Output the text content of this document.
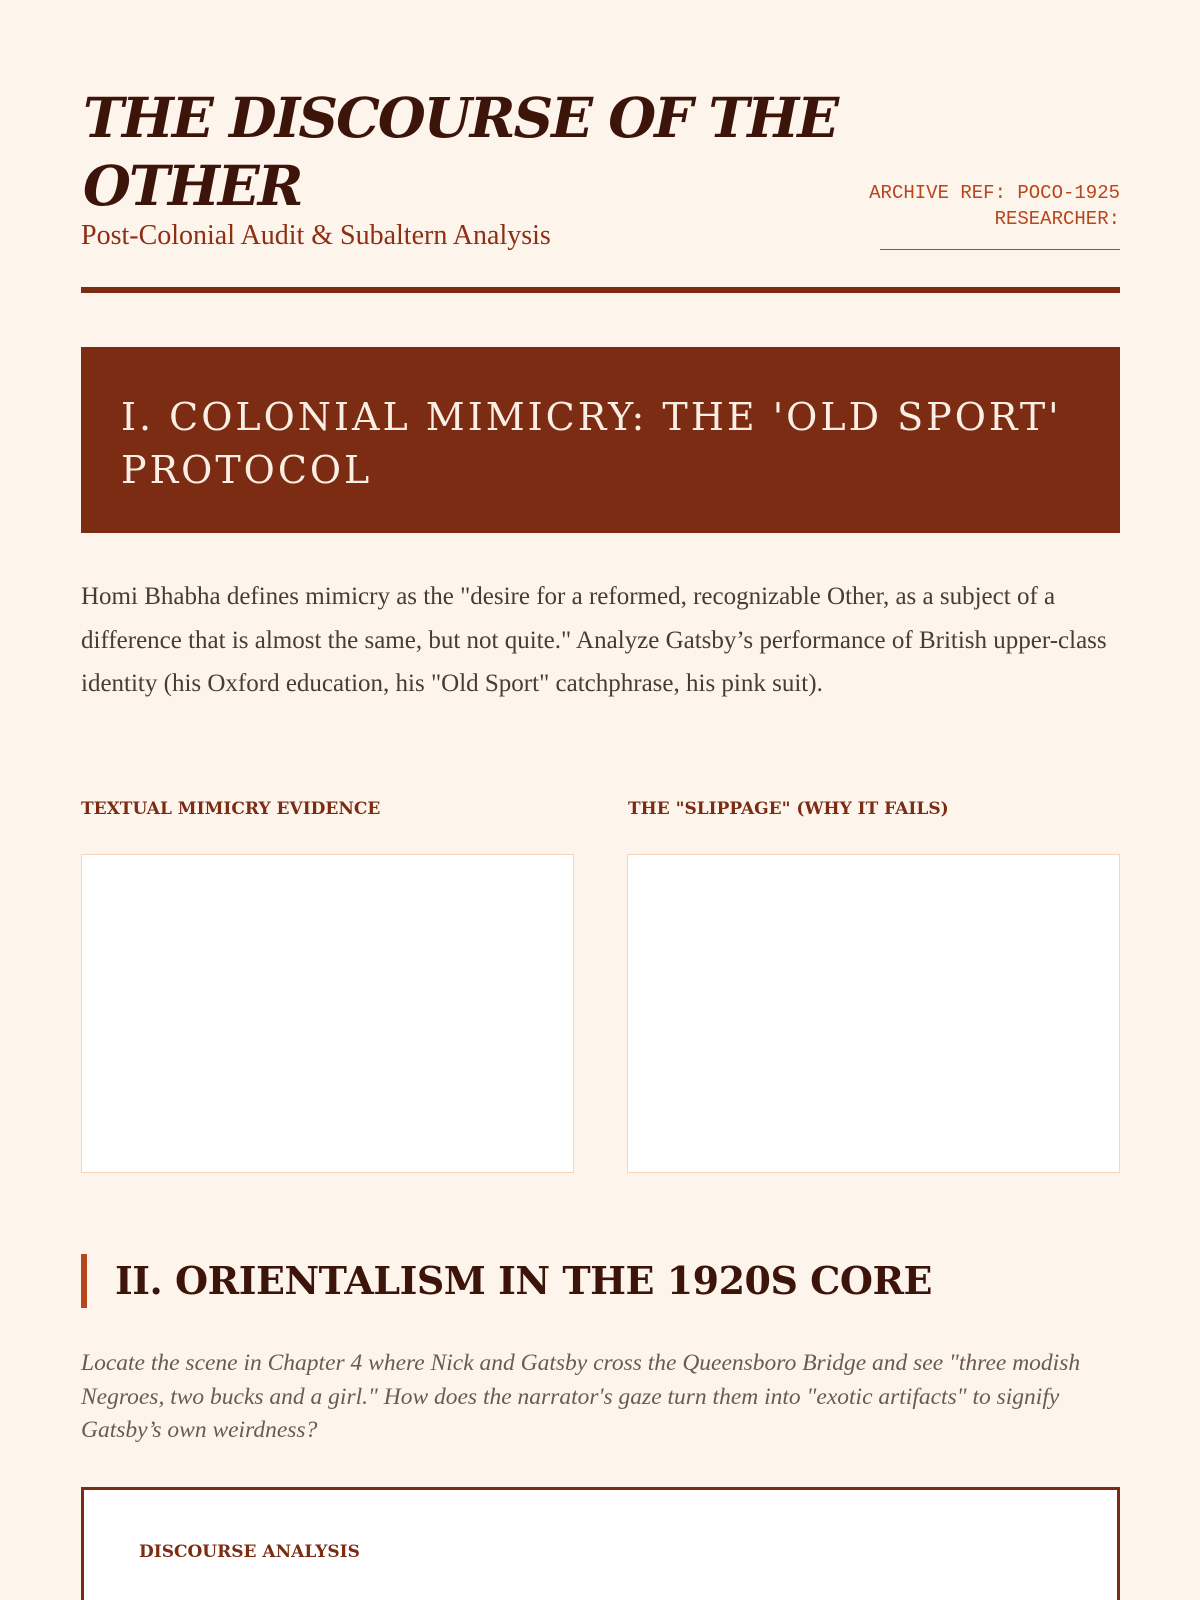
THE DISCOURSE OF THE OTHER
Post-Colonial Audit & Subaltern Analysis
ARCHIVE REF: POCO-1925
RESEARCHER:
I. COLONIAL MIMICRY: THE 'OLD SPORT' PROTOCOL

Homi Bhabha defines mimicry as the "desire for a reformed, recognizable Other, as a subject of a difference that is almost the same, but not quite." Analyze Gatsby’s performance of British upper-class identity (his Oxford education, his "Old Sport" catchphrase, his pink suit).

TEXTUAL MIMICRY EVIDENCE	THE "SLIPPAGE" (WHY IT FAILS)
II. ORIENTALISM IN THE 1920S CORE

Locate the scene in Chapter 4 where Nick and Gatsby cross the Queensboro Bridge and see "three modish Negroes, two bucks and a girl." How does the narrator's gaze turn them into "exotic artifacts" to signify Gatsby’s own weirdness?

DISCOURSE ANALYSIS
